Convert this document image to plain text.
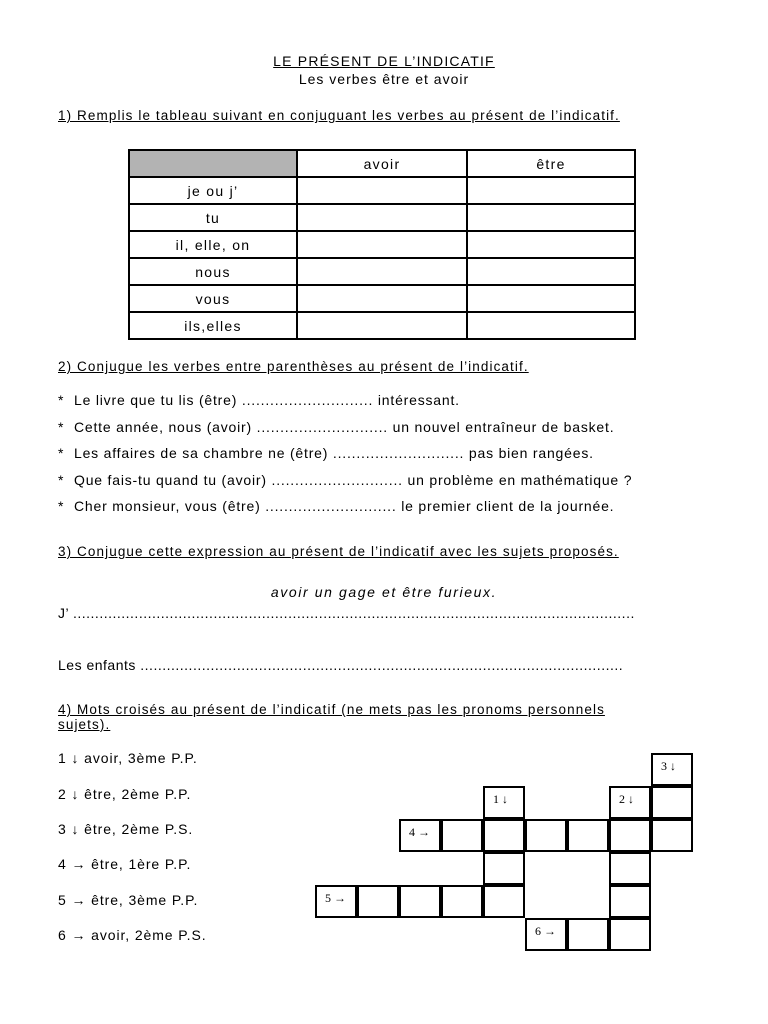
LE PRÉSENT DE L’INDICATIF
Les verbes être et avoir
1) Remplis le tableau suivant en conjuguant les verbes au présent de l’indicatif.
	avoir	être
je ou j’		
tu		
il, elle, on		
nous		
vous		
ils,elles		
2) Conjugue les verbes entre parenthèses au présent de l’indicatif.
* Le livre que tu lis (être) ............................ intéressant.
* Cette année, nous (avoir) ............................ un nouvel entraîneur de basket.
* Les affaires de sa chambre ne (être) ............................ pas bien rangées.
* Que fais-tu quand tu (avoir) ............................ un problème en mathématique ?
* Cher monsieur, vous (être) ............................ le premier client de la journée.
3) Conjugue cette expression au présent de l’indicatif avec les sujets proposés.
avoir un gage et être furieux.
J’ ................................................................................................................................
Les enfants ..............................................................................................................
4) Mots croisés au présent de l’indicatif (ne mets pas les pronoms personnels
sujets).
1 ↓ avoir, 3ème P.P.
2 ↓ être, 2ème P.P.
3 ↓ être, 2ème P.S.
4 → être, 1ère P.P.
5 → être, 3ème P.P.
6 → avoir, 2ème P.S.
3 ↓
1 ↓	2 ↓
4 →
5 →
6 →
